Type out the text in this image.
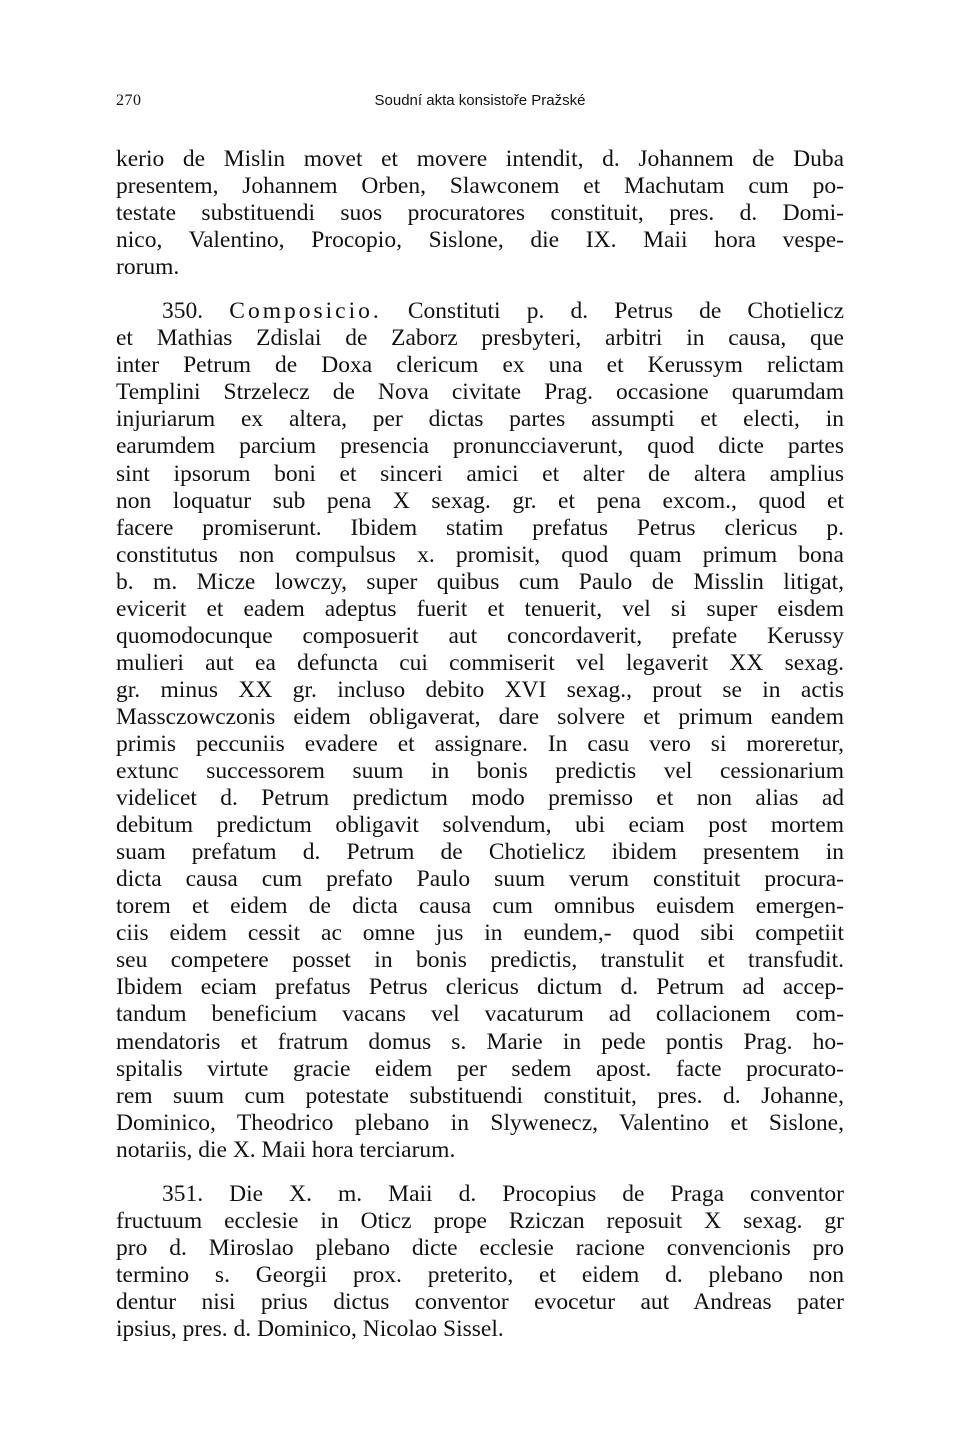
270	Soudní akta konsistoře Pražské
kerio de Mislin movet et movere intendit, d. Johannem de Duba
presentem, Johannem Orben, Slawconem et Machutam cum po-
testate substituendi suos procuratores constituit, pres. d. Domi-
nico, Valentino, Procopio, Sislone, die IX. Maii hora vespe-
rorum.
350. Composicio. Constituti p. d. Petrus de Chotielicz
et Mathias Zdislai de Zaborz presbyteri, arbitri in causa, que
inter Petrum de Doxa clericum ex una et Kerussym relictam
Templini Strzelecz de Nova civitate Prag. occasione quarumdam
injuriarum ex altera, per dictas partes assumpti et electi, in
earumdem parcium presencia pronuncciaverunt, quod dicte partes
sint ipsorum boni et sinceri amici et alter de altera amplius
non loquatur sub pena X sexag. gr. et pena excom., quod et
facere promiserunt. Ibidem statim prefatus Petrus clericus p.
constitutus non compulsus x. promisit, quod quam primum bona
b. m. Micze lowczy, super quibus cum Paulo de Misslin litigat,
evicerit et eadem adeptus fuerit et tenuerit, vel si super eisdem
quomodocunque composuerit aut concordaverit, prefate Kerussy
mulieri aut ea defuncta cui commiserit vel legaverit XX sexag.
gr. minus XX gr. incluso debito XVI sexag., prout se in actis
Massczowczonis eidem obligaverat, dare solvere et primum eandem
primis peccuniis evadere et assignare. In casu vero si moreretur,
extunc successorem suum in bonis predictis vel cessionarium
videlicet d. Petrum predictum modo premisso et non alias ad
debitum predictum obligavit solvendum, ubi eciam post mortem
suam prefatum d. Petrum de Chotielicz ibidem presentem in
dicta causa cum prefato Paulo suum verum constituit procura-
torem et eidem de dicta causa cum omnibus euisdem emergen-
ciis eidem cessit ac omne jus in eundem,- quod sibi competiit
seu competere posset in bonis predictis, transtulit et transfudit.
Ibidem eciam prefatus Petrus clericus dictum d. Petrum ad accep-
tandum beneficium vacans vel vacaturum ad collacionem com-
mendatoris et fratrum domus s. Marie in pede pontis Prag. ho-
spitalis virtute gracie eidem per sedem apost. facte procurato-
rem suum cum potestate substituendi constituit, pres. d. Johanne,
Dominico, Theodrico plebano in Slywenecz, Valentino et Sislone,
notariis, die X. Maii hora terciarum.
351. Die X. m. Maii d. Procopius de Praga conventor
fructuum ecclesie in Oticz prope Rziczan reposuit X sexag. gr
pro d. Miroslao plebano dicte ecclesie racione convencionis pro
termino s. Georgii prox. preterito, et eidem d. plebano non
dentur nisi prius dictus conventor evocetur aut Andreas pater
ipsius, pres. d. Dominico, Nicolao Sissel.
